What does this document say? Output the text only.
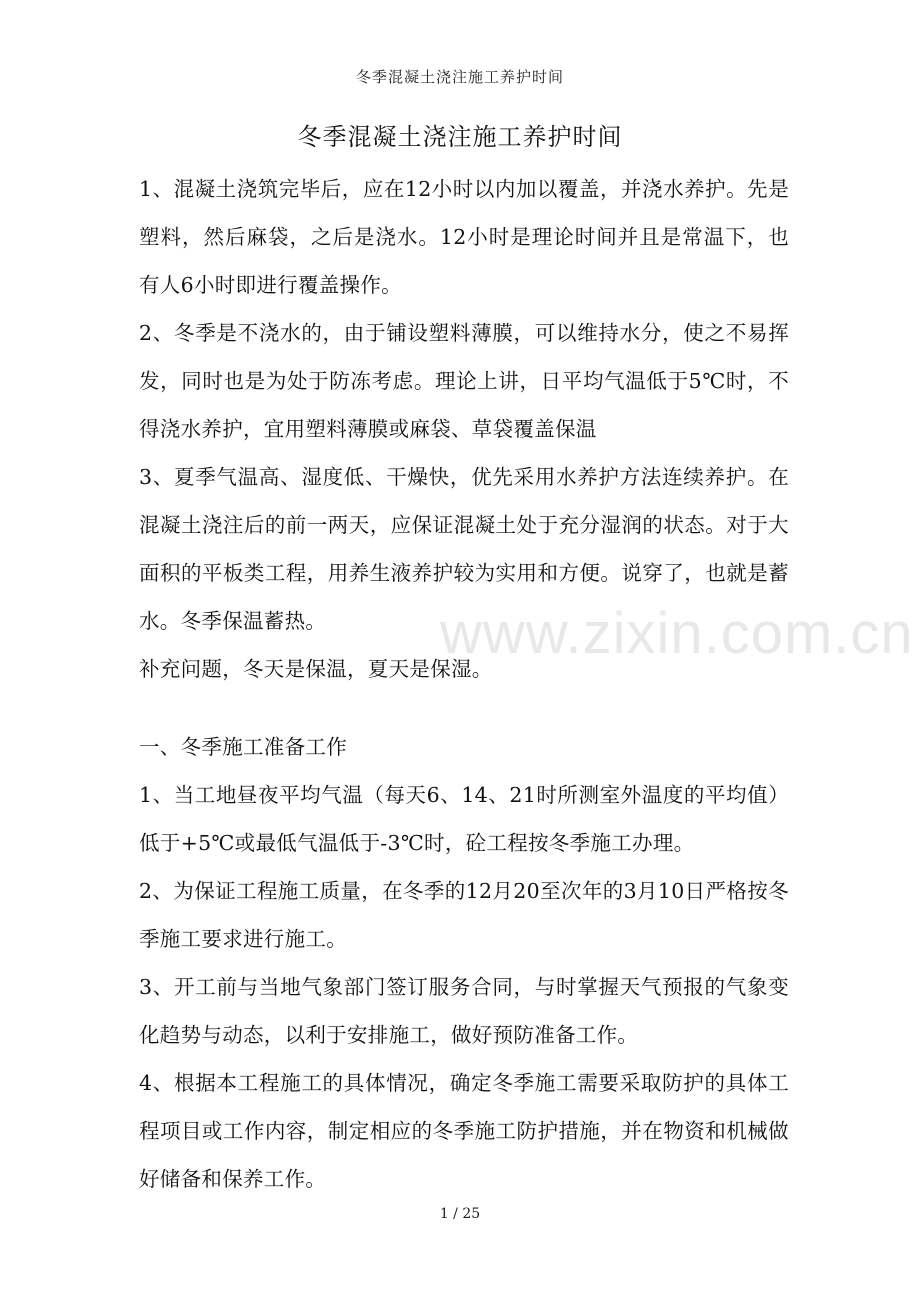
冬季混凝土浇注施工养护时间
冬季混凝土浇注施工养护时间

1、混凝土浇筑完毕后，应在12小时以内加以覆盖，并浇水养护。先是塑料，然后麻袋，之后是浇水。12小时是理论时间并且是常温下，也有人6小时即进行覆盖操作。

2、冬季是不浇水的，由于铺设塑料薄膜，可以维持水分，使之不易挥发，同时也是为处于防冻考虑。理论上讲，日平均气温低于5℃时，不得浇水养护，宜用塑料薄膜或麻袋、草袋覆盖保温

3、夏季气温高、湿度低、干燥快，优先采用水养护方法连续养护。在混凝土浇注后的前一两天，应保证混凝土处于充分湿润的状态。对于大面积的平板类工程，用养生液养护较为实用和方便。说穿了，也就是蓄水。冬季保温蓄热。

补充问题，冬天是保温，夏天是保湿。

一、冬季施工准备工作

1、当工地昼夜平均气温（每天6、14、21时所测室外温度的平均值）低于+5℃或最低气温低于-3℃时，砼工程按冬季施工办理。

2、为保证工程施工质量，在冬季的12月20至次年的3月10日严格按冬季施工要求进行施工。

3、开工前与当地气象部门签订服务合同，与时掌握天气预报的气象变化趋势与动态，以利于安排施工，做好预防准备工作。

4、根据本工程施工的具体情况，确定冬季施工需要采取防护的具体工程项目或工作内容，制定相应的冬季施工防护措施，并在物资和机械做好储备和保养工作。

www.zixin.com.cn
1 / 25
